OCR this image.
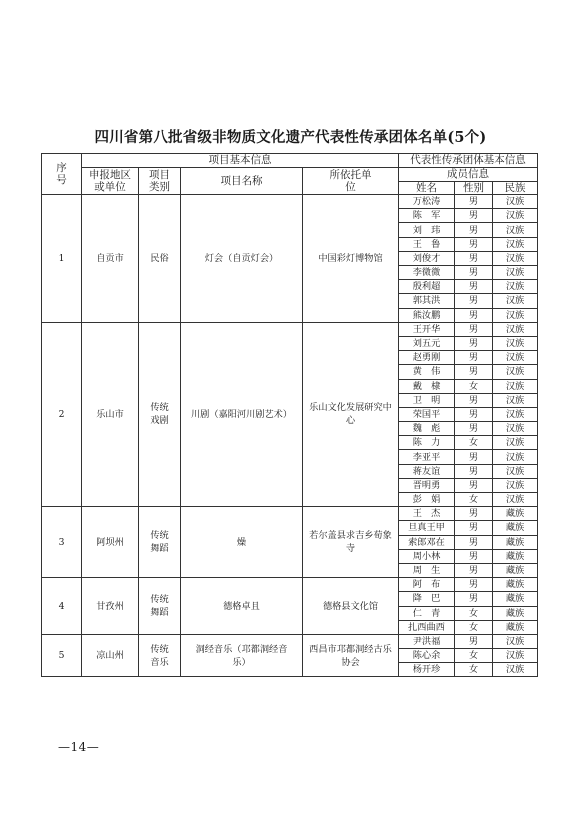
四川省第八批省级非物质文化遗产代表性传承团体名单(5个)
序号	项目基本信息				代表性传承团体基本信息		
	申报地区或单位	项目类别	项目名称	所依托单位	成员信息		
					姓名	性别	民族
1	自贡市	民俗	灯会（自贡灯会）	中国彩灯博物馆	万松涛	男	汉族
					陈　军	男	汉族
					刘　玮	男	汉族
					王　鲁	男	汉族
					刘俊才	男	汉族
					李微微	男	汉族
					殷利超	男	汉族
					郭其洪	男	汉族
					熊汝鹏	男	汉族
2	乐山市	传统戏剧	川剧（嘉阳河川剧艺术）	乐山文化发展研究中心	王开华	男	汉族
					刘五元	男	汉族
					赵勇刚	男	汉族
					黄　伟	男	汉族
					戴　棣	女	汉族
					卫　明	男	汉族
					荣国平	男	汉族
					魏　彪	男	汉族
					陈　力	女	汉族
					李亚平	男	汉族
					蒋友谊	男	汉族
					晋明勇	男	汉族
					彭　娟	女	汉族
3	阿坝州	传统舞蹈	燥	若尔盖县求吉乡荀象寺	王　杰	男	藏族
					旦真王甲	男	藏族
					索郎邓在	男	藏族
					周小林	男	藏族
					周　生	男	藏族
4	甘孜州	传统舞蹈	德格卓且	德格县文化馆	阿　布	男	藏族
					降　巴	男	藏族
					仁　青	女	藏族
					扎西曲西	女	藏族
5	凉山州	传统音乐	洞经音乐（邛都洞经音乐）	西昌市邛都洞经古乐协会	尹洪福	男	汉族
					陈心余	女	汉族
					杨开珍	女	汉族
—14—
